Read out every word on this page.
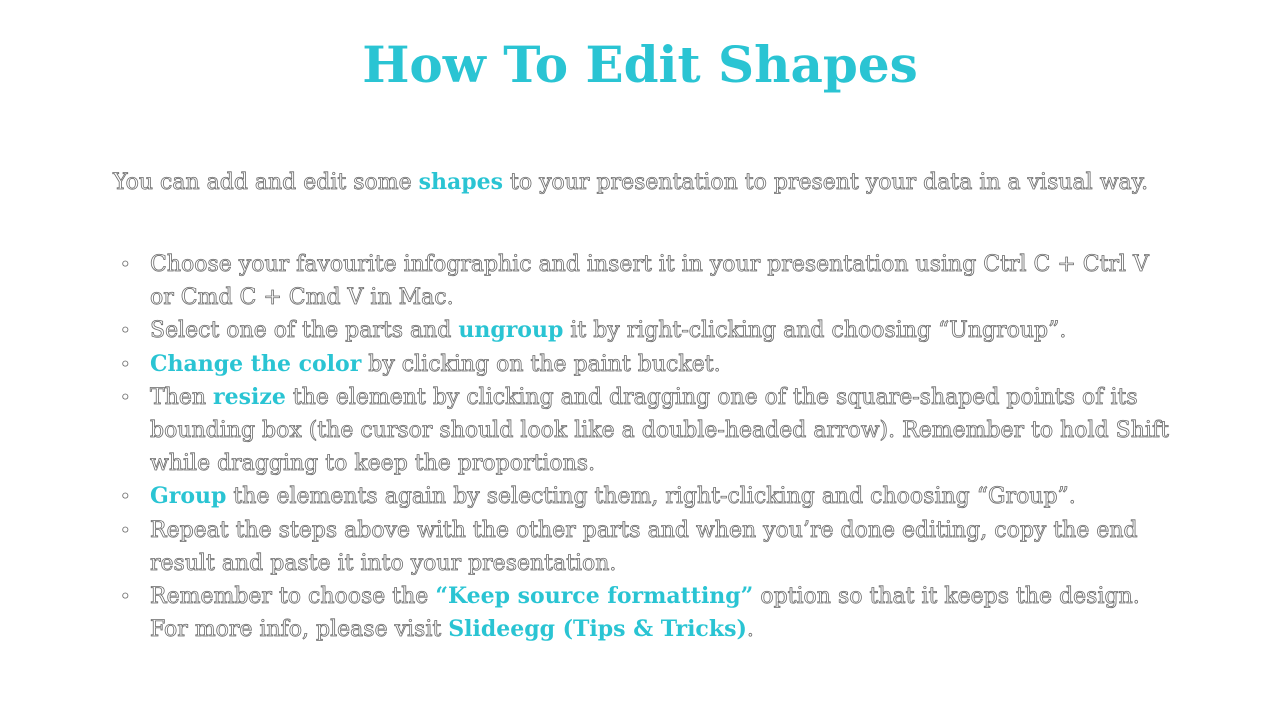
How To Edit Shapes

You can add and edit some shapes to your presentation to present your data in a visual way.

• Choose your favourite infographic and insert it in your presentation using Ctrl C + Ctrl V or Cmd C + Cmd V in Mac.
• Select one of the parts and ungroup it by right-clicking and choosing “Ungroup”.
• Change the color by clicking on the paint bucket.
• Then resize the element by clicking and dragging one of the square-shaped points of its bounding box (the cursor should look like a double-headed arrow). Remember to hold Shift while dragging to keep the proportions.
• Group the elements again by selecting them, right-clicking and choosing “Group”.
• Repeat the steps above with the other parts and when you’re done editing, copy the end result and paste it into your presentation.
• Remember to choose the “Keep source formatting” option so that it keeps the design. For more info, please visit Slideegg (Tips & Tricks).
